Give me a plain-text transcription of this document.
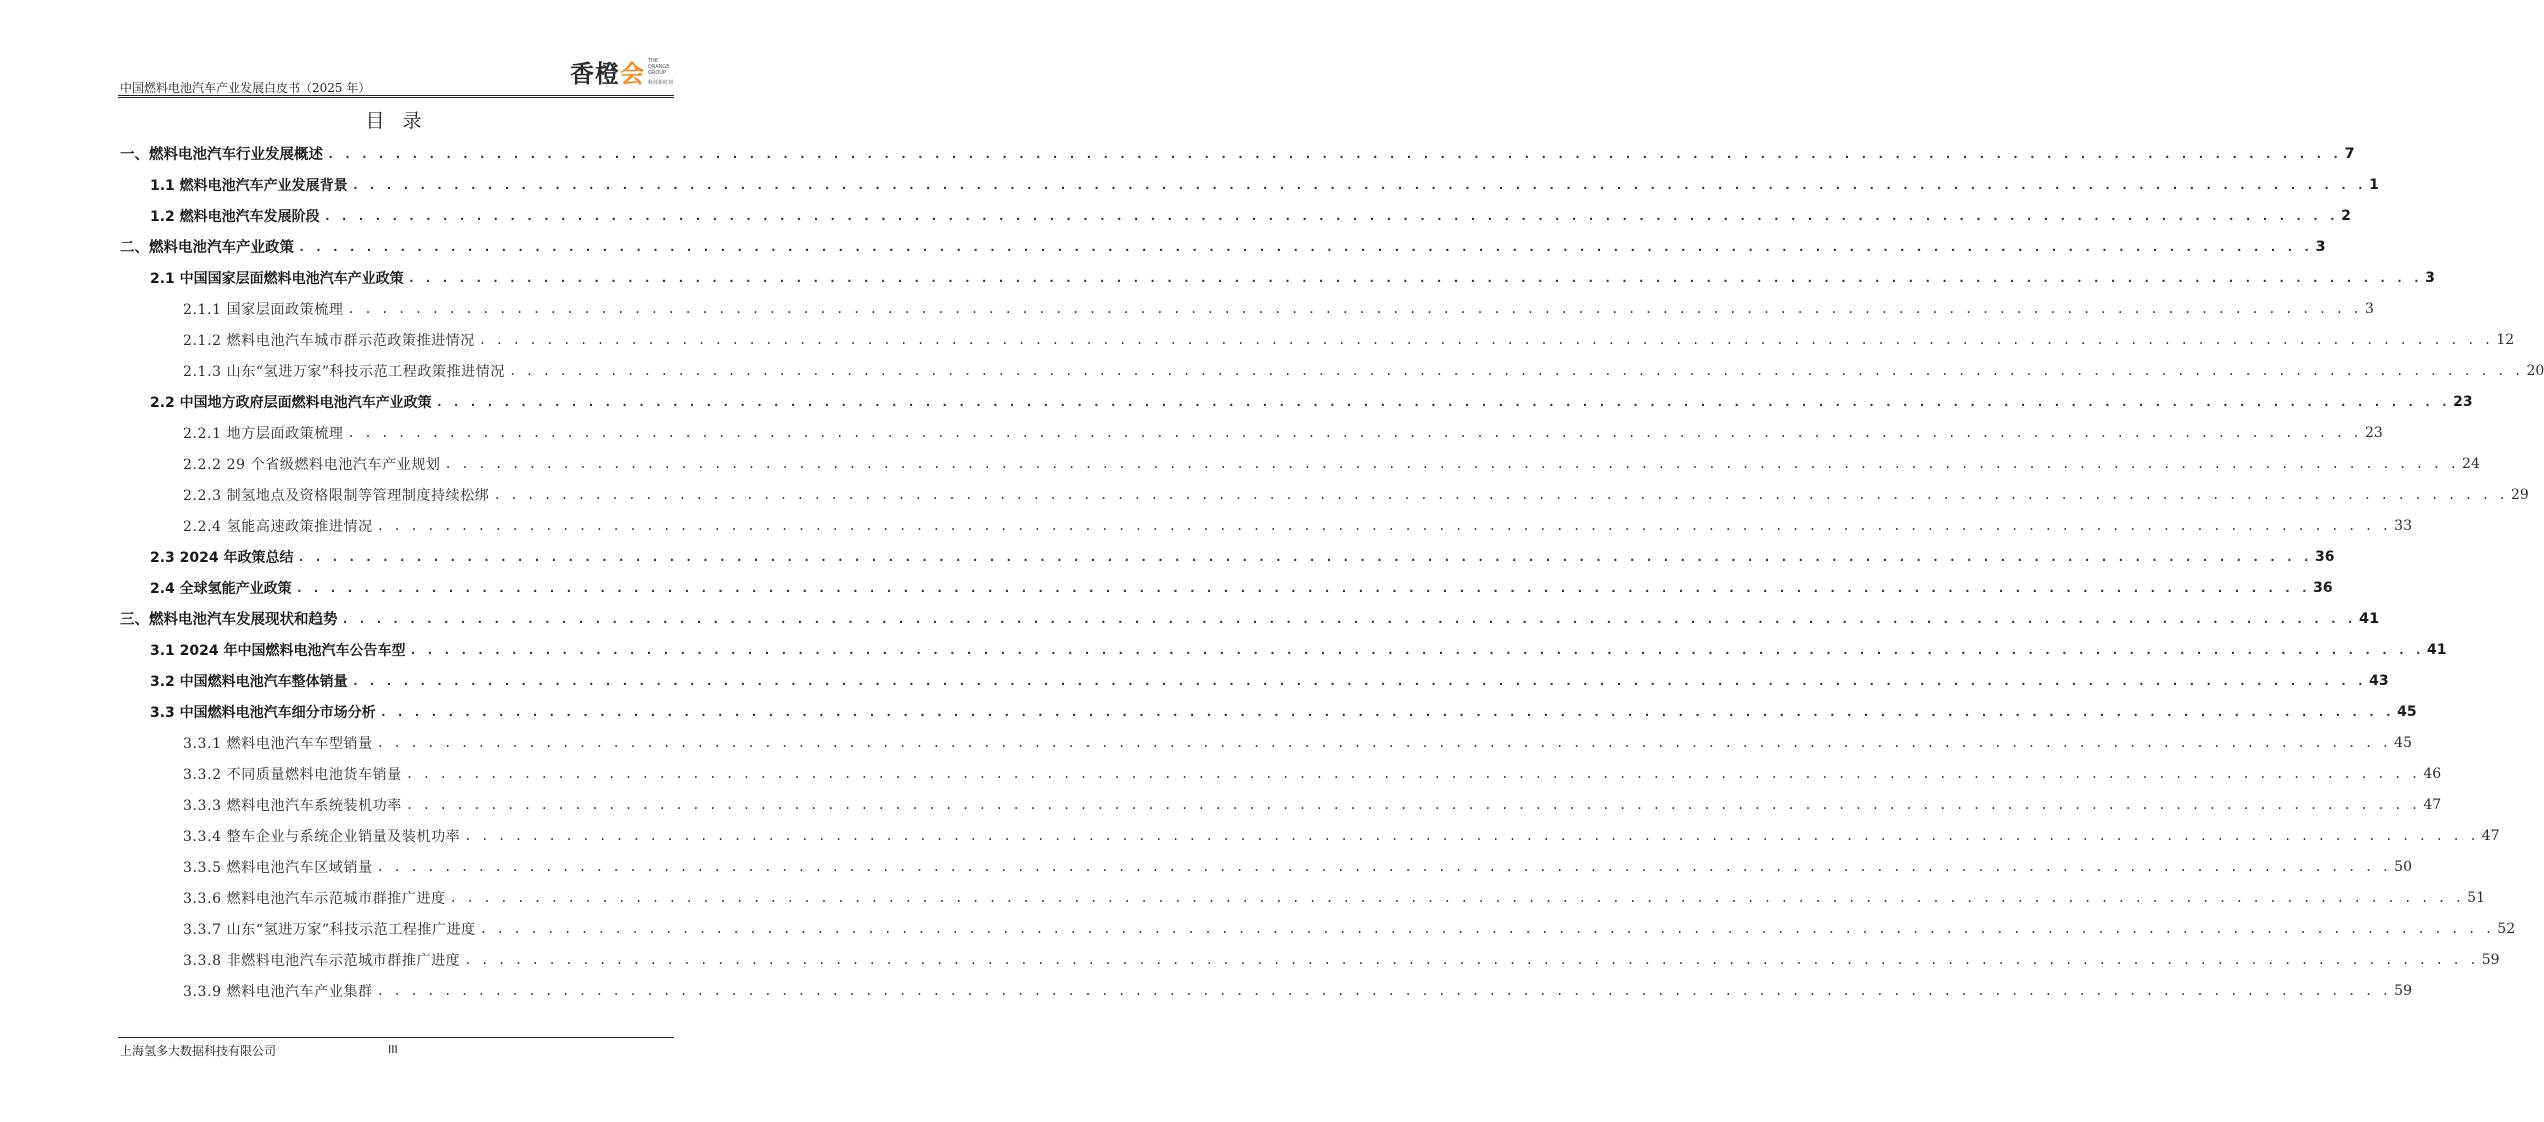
中国燃料电池汽车产业发展白皮书（2025 年）
香橙会 THE
ORANGE
GROUP
科技新时刻
目 录
一、燃料电池汽车行业发展概述 . . . . . . . . . . . . . . . . . . . . . . . . . . . . . . . . . . . . . . . . . . . . . . . . . . . . . . . . . . . . . . . . . . . . . . . . . . . . . . . . . . . . . . . . . . . . . . . . . . . . . . . . . . . . . . . . . . . . . . . . 7
1.1 燃料电池汽车产业发展背景 . . . . . . . . . . . . . . . . . . . . . . . . . . . . . . . . . . . . . . . . . . . . . . . . . . . . . . . . . . . . . . . . . . . . . . . . . . . . . . . . . . . . . . . . . . . . . . . . . . . . . . . . . . . . . . . . . . . . . . . . 1
1.2 燃料电池汽车发展阶段 . . . . . . . . . . . . . . . . . . . . . . . . . . . . . . . . . . . . . . . . . . . . . . . . . . . . . . . . . . . . . . . . . . . . . . . . . . . . . . . . . . . . . . . . . . . . . . . . . . . . . . . . . . . . . . . . . . . . . . . . 2
二、燃料电池汽车产业政策 . . . . . . . . . . . . . . . . . . . . . . . . . . . . . . . . . . . . . . . . . . . . . . . . . . . . . . . . . . . . . . . . . . . . . . . . . . . . . . . . . . . . . . . . . . . . . . . . . . . . . . . . . . . . . . . . . . . . . . . . 3
2.1 中国国家层面燃料电池汽车产业政策 . . . . . . . . . . . . . . . . . . . . . . . . . . . . . . . . . . . . . . . . . . . . . . . . . . . . . . . . . . . . . . . . . . . . . . . . . . . . . . . . . . . . . . . . . . . . . . . . . . . . . . . . . . . . . . . . . . . . . . . . 3
2.1.1 国家层面政策梳理 . . . . . . . . . . . . . . . . . . . . . . . . . . . . . . . . . . . . . . . . . . . . . . . . . . . . . . . . . . . . . . . . . . . . . . . . . . . . . . . . . . . . . . . . . . . . . . . . . . . . . . . . . . . . . . . . . . . . . . . . 3
2.1.2 燃料电池汽车城市群示范政策推进情况 . . . . . . . . . . . . . . . . . . . . . . . . . . . . . . . . . . . . . . . . . . . . . . . . . . . . . . . . . . . . . . . . . . . . . . . . . . . . . . . . . . . . . . . . . . . . . . . . . . . . . . . . . . . . . . . . . . . . . . . . 12
2.1.3 山东“氢进万家”科技示范工程政策推进情况 . . . . . . . . . . . . . . . . . . . . . . . . . . . . . . . . . . . . . . . . . . . . . . . . . . . . . . . . . . . . . . . . . . . . . . . . . . . . . . . . . . . . . . . . . . . . . . . . . . . . . . . . . . . . . . . . . . . . . . . . 20
2.2 中国地方政府层面燃料电池汽车产业政策 . . . . . . . . . . . . . . . . . . . . . . . . . . . . . . . . . . . . . . . . . . . . . . . . . . . . . . . . . . . . . . . . . . . . . . . . . . . . . . . . . . . . . . . . . . . . . . . . . . . . . . . . . . . . . . . . . . . . . . . . 23
2.2.1 地方层面政策梳理 . . . . . . . . . . . . . . . . . . . . . . . . . . . . . . . . . . . . . . . . . . . . . . . . . . . . . . . . . . . . . . . . . . . . . . . . . . . . . . . . . . . . . . . . . . . . . . . . . . . . . . . . . . . . . . . . . . . . . . . . 23
2.2.2 29 个省级燃料电池汽车产业规划 . . . . . . . . . . . . . . . . . . . . . . . . . . . . . . . . . . . . . . . . . . . . . . . . . . . . . . . . . . . . . . . . . . . . . . . . . . . . . . . . . . . . . . . . . . . . . . . . . . . . . . . . . . . . . . . . . . . . . . . . 24
2.2.3 制氢地点及资格限制等管理制度持续松绑 . . . . . . . . . . . . . . . . . . . . . . . . . . . . . . . . . . . . . . . . . . . . . . . . . . . . . . . . . . . . . . . . . . . . . . . . . . . . . . . . . . . . . . . . . . . . . . . . . . . . . . . . . . . . . . . . . . . . . . . . 29
2.2.4 氢能高速政策推进情况 . . . . . . . . . . . . . . . . . . . . . . . . . . . . . . . . . . . . . . . . . . . . . . . . . . . . . . . . . . . . . . . . . . . . . . . . . . . . . . . . . . . . . . . . . . . . . . . . . . . . . . . . . . . . . . . . . . . . . . . . 33
2.3 2024 年政策总结 . . . . . . . . . . . . . . . . . . . . . . . . . . . . . . . . . . . . . . . . . . . . . . . . . . . . . . . . . . . . . . . . . . . . . . . . . . . . . . . . . . . . . . . . . . . . . . . . . . . . . . . . . . . . . . . . . . . . . . . . 36
2.4 全球氢能产业政策 . . . . . . . . . . . . . . . . . . . . . . . . . . . . . . . . . . . . . . . . . . . . . . . . . . . . . . . . . . . . . . . . . . . . . . . . . . . . . . . . . . . . . . . . . . . . . . . . . . . . . . . . . . . . . . . . . . . . . . . . 36
三、燃料电池汽车发展现状和趋势 . . . . . . . . . . . . . . . . . . . . . . . . . . . . . . . . . . . . . . . . . . . . . . . . . . . . . . . . . . . . . . . . . . . . . . . . . . . . . . . . . . . . . . . . . . . . . . . . . . . . . . . . . . . . . . . . . . . . . . . . 41
3.1 2024 年中国燃料电池汽车公告车型 . . . . . . . . . . . . . . . . . . . . . . . . . . . . . . . . . . . . . . . . . . . . . . . . . . . . . . . . . . . . . . . . . . . . . . . . . . . . . . . . . . . . . . . . . . . . . . . . . . . . . . . . . . . . . . . . . . . . . . . . 41
3.2 中国燃料电池汽车整体销量 . . . . . . . . . . . . . . . . . . . . . . . . . . . . . . . . . . . . . . . . . . . . . . . . . . . . . . . . . . . . . . . . . . . . . . . . . . . . . . . . . . . . . . . . . . . . . . . . . . . . . . . . . . . . . . . . . . . . . . . . 43
3.3 中国燃料电池汽车细分市场分析 . . . . . . . . . . . . . . . . . . . . . . . . . . . . . . . . . . . . . . . . . . . . . . . . . . . . . . . . . . . . . . . . . . . . . . . . . . . . . . . . . . . . . . . . . . . . . . . . . . . . . . . . . . . . . . . . . . . . . . . . 45
3.3.1 燃料电池汽车车型销量 . . . . . . . . . . . . . . . . . . . . . . . . . . . . . . . . . . . . . . . . . . . . . . . . . . . . . . . . . . . . . . . . . . . . . . . . . . . . . . . . . . . . . . . . . . . . . . . . . . . . . . . . . . . . . . . . . . . . . . . . 45
3.3.2 不同质量燃料电池货车销量 . . . . . . . . . . . . . . . . . . . . . . . . . . . . . . . . . . . . . . . . . . . . . . . . . . . . . . . . . . . . . . . . . . . . . . . . . . . . . . . . . . . . . . . . . . . . . . . . . . . . . . . . . . . . . . . . . . . . . . . . 46
3.3.3 燃料电池汽车系统装机功率 . . . . . . . . . . . . . . . . . . . . . . . . . . . . . . . . . . . . . . . . . . . . . . . . . . . . . . . . . . . . . . . . . . . . . . . . . . . . . . . . . . . . . . . . . . . . . . . . . . . . . . . . . . . . . . . . . . . . . . . . 47
3.3.4 整车企业与系统企业销量及装机功率 . . . . . . . . . . . . . . . . . . . . . . . . . . . . . . . . . . . . . . . . . . . . . . . . . . . . . . . . . . . . . . . . . . . . . . . . . . . . . . . . . . . . . . . . . . . . . . . . . . . . . . . . . . . . . . . . . . . . . . . . 47
3.3.5 燃料电池汽车区域销量 . . . . . . . . . . . . . . . . . . . . . . . . . . . . . . . . . . . . . . . . . . . . . . . . . . . . . . . . . . . . . . . . . . . . . . . . . . . . . . . . . . . . . . . . . . . . . . . . . . . . . . . . . . . . . . . . . . . . . . . . 50
3.3.6 燃料电池汽车示范城市群推广进度 . . . . . . . . . . . . . . . . . . . . . . . . . . . . . . . . . . . . . . . . . . . . . . . . . . . . . . . . . . . . . . . . . . . . . . . . . . . . . . . . . . . . . . . . . . . . . . . . . . . . . . . . . . . . . . . . . . . . . . . . 51
3.3.7 山东“氢进万家”科技示范工程推广进度 . . . . . . . . . . . . . . . . . . . . . . . . . . . . . . . . . . . . . . . . . . . . . . . . . . . . . . . . . . . . . . . . . . . . . . . . . . . . . . . . . . . . . . . . . . . . . . . . . . . . . . . . . . . . . . . . . . . . . . . . 52
3.3.8 非燃料电池汽车示范城市群推广进度 . . . . . . . . . . . . . . . . . . . . . . . . . . . . . . . . . . . . . . . . . . . . . . . . . . . . . . . . . . . . . . . . . . . . . . . . . . . . . . . . . . . . . . . . . . . . . . . . . . . . . . . . . . . . . . . . . . . . . . . . 59
3.3.9 燃料电池汽车产业集群 . . . . . . . . . . . . . . . . . . . . . . . . . . . . . . . . . . . . . . . . . . . . . . . . . . . . . . . . . . . . . . . . . . . . . . . . . . . . . . . . . . . . . . . . . . . . . . . . . . . . . . . . . . . . . . . . . . . . . . . . 59
上海氢多大数据科技有限公司	III
